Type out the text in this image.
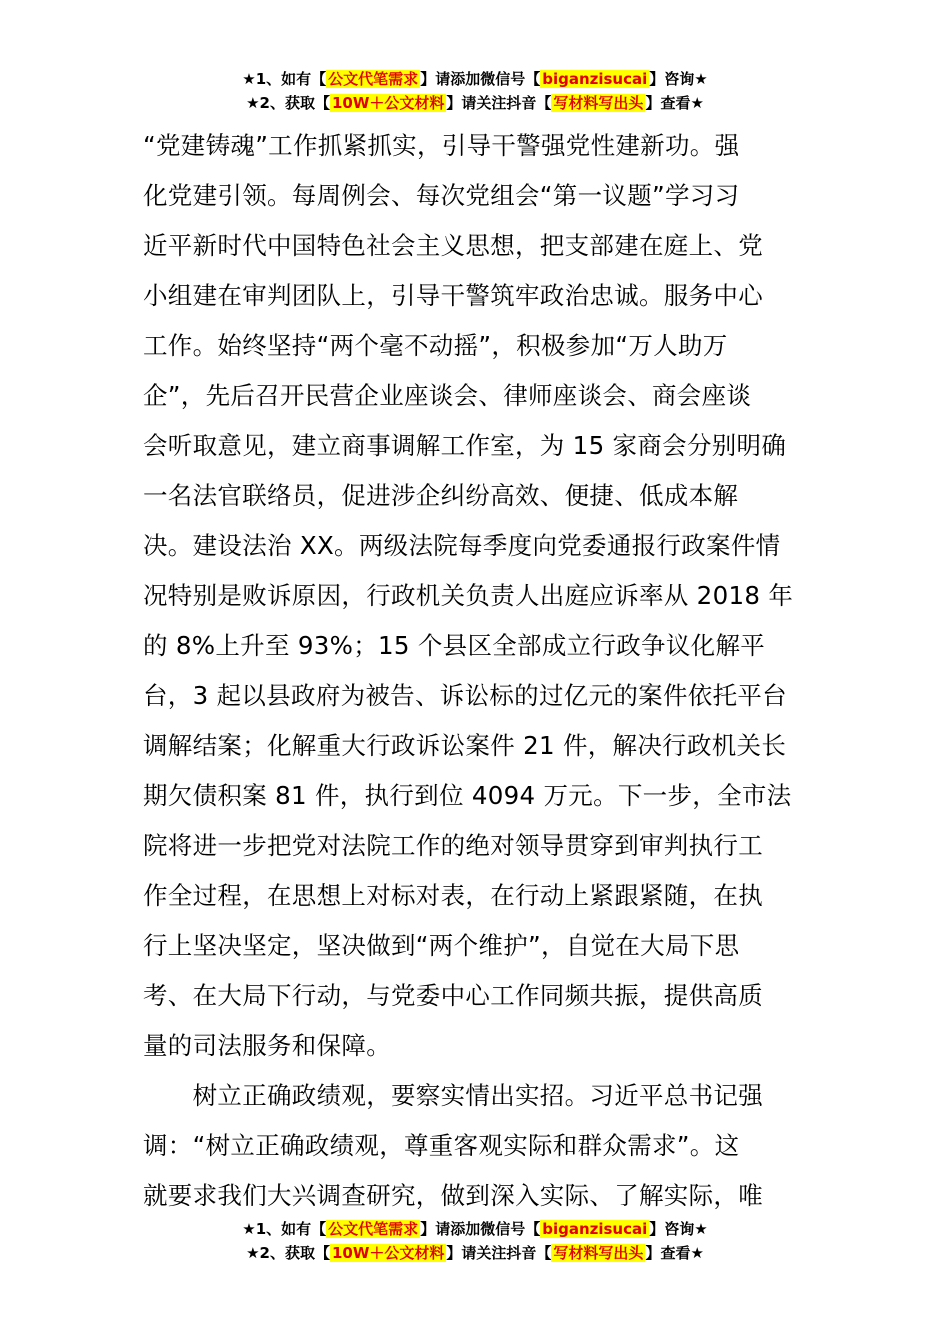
★1、如有【 公文代笔需求 】请添加微信号【 biganzisucai 】咨询★
★2、获取【 10W＋公文材料 】请关注抖音【 写材料写出头 】查看★
“党建铸魂”工作抓紧抓实，引导干警强党性建新功。强
化党建引领。每周例会、每次党组会“第一议题”学习习
近平新时代中国特色社会主义思想，把支部建在庭上、党
小组建在审判团队上，引导干警筑牢政治忠诚。服务中心
工作。始终坚持“两个毫不动摇”，积极参加“万人助万
企”，先后召开民营企业座谈会、律师座谈会、商会座谈
会听取意见，建立商事调解工作室，为 15 家商会分别明确
一名法官联络员，促进涉企纠纷高效、便捷、低成本解
决。建设法治 XX。两级法院每季度向党委通报行政案件情
况特别是败诉原因，行政机关负责人出庭应诉率从 2018 年
的 8%上升至 93%；15 个县区全部成立行政争议化解平
台，3 起以县政府为被告、诉讼标的过亿元的案件依托平台
调解结案；化解重大行政诉讼案件 21 件，解决行政机关长
期欠债积案 81 件，执行到位 4094 万元。下一步，全市法
院将进一步把党对法院工作的绝对领导贯穿到审判执行工
作全过程，在思想上对标对表，在行动上紧跟紧随，在执
行上坚决坚定，坚决做到“两个维护”，自觉在大局下思
考、在大局下行动，与党委中心工作同频共振，提供高质
量的司法服务和保障。
　　树立正确政绩观，要察实情出实招。习近平总书记强
调：“树立正确政绩观，尊重客观实际和群众需求”。这
就要求我们大兴调查研究，做到深入实际、了解实际，唯
★1、如有【 公文代笔需求 】请添加微信号【 biganzisucai 】咨询★
★2、获取【 10W＋公文材料 】请关注抖音【 写材料写出头 】查看★
